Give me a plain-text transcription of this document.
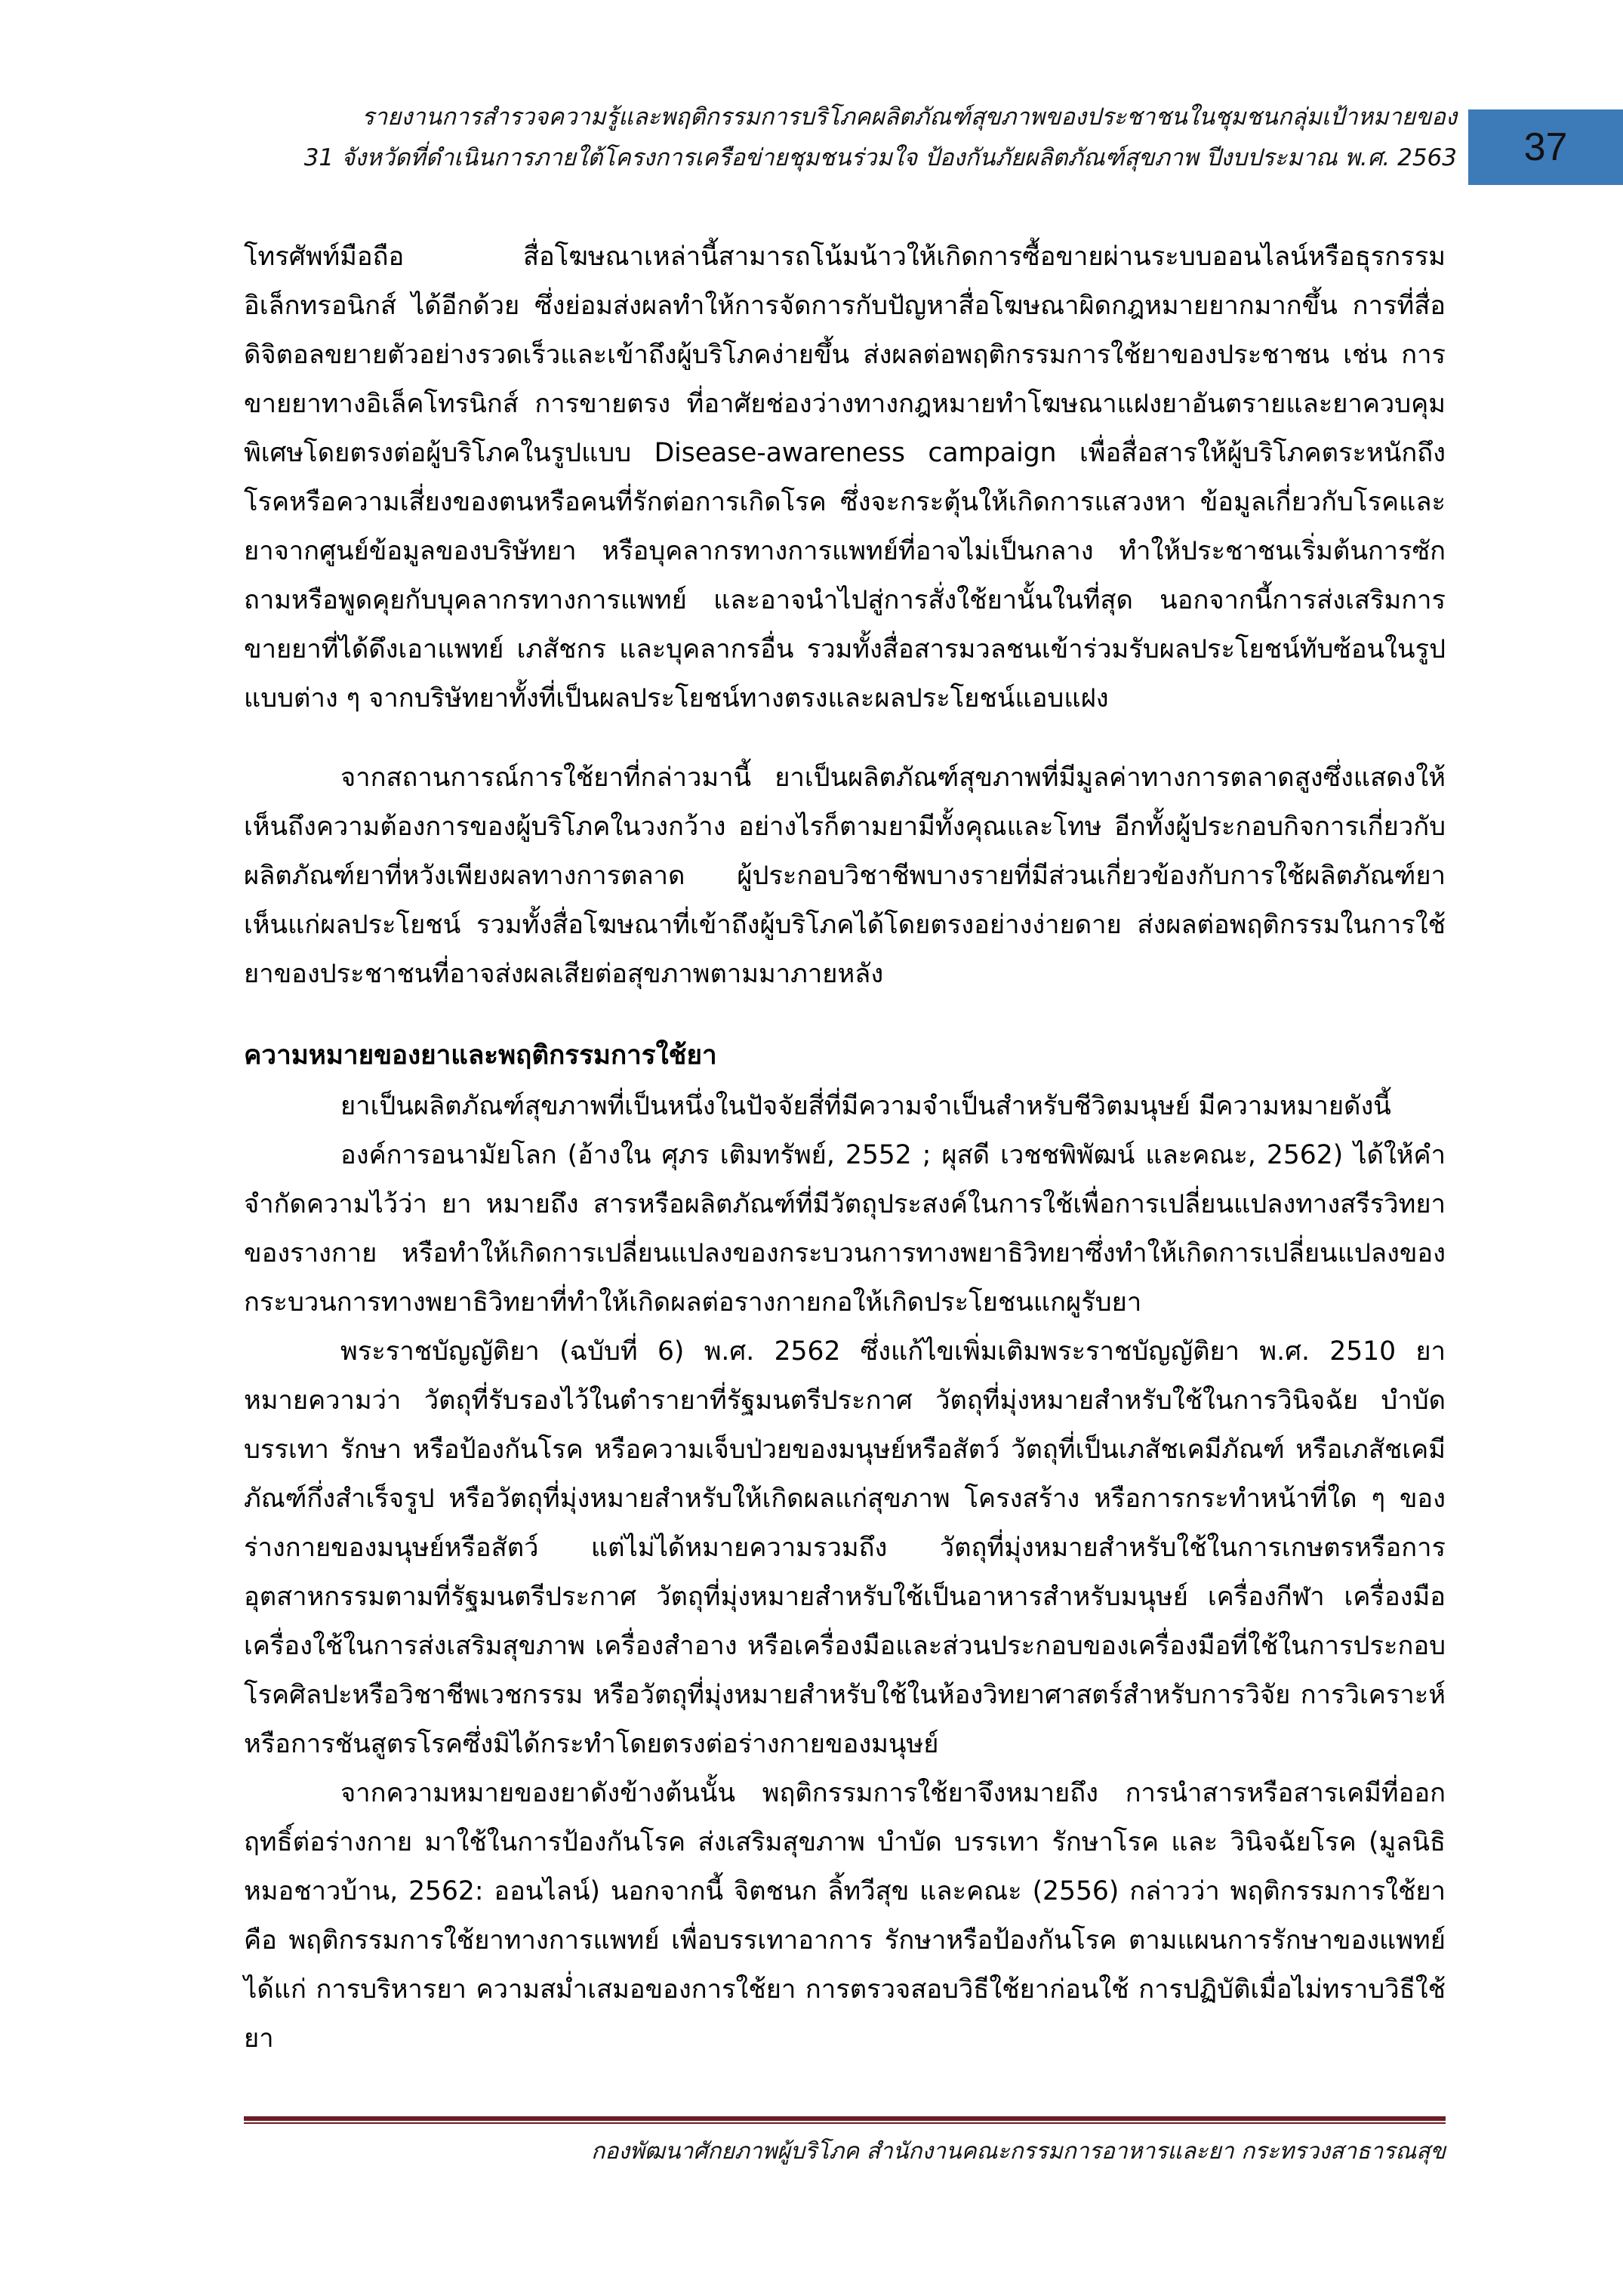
รายงานการสำรวจความรู้และพฤติกรรมการบริโภคผลิตภัณฑ์สุขภาพของประชาชนในชุมชนกลุ่มเป้าหมายของ
31 จังหวัดที่ดำเนินการภายใต้โครงการเครือข่ายชุมชนร่วมใจ ป้องกันภัยผลิตภัณฑ์สุขภาพ ปีงบประมาณ พ.ศ. 2563	37

โทรศัพท์มือถือ สื่อโฆษณาเหล่านี้สามารถโน้มน้าวให้เกิดการซื้อขายผ่านระบบออนไลน์หรือธุรกรรมอิเล็กทรอนิกส์ ได้อีกด้วย ซึ่งย่อมส่งผลทำให้การจัดการกับปัญหาสื่อโฆษณาผิดกฎหมายยากมากขึ้น การที่สื่อดิจิตอลขยายตัวอย่างรวดเร็วและเข้าถึงผู้บริโภคง่ายขึ้น ส่งผลต่อพฤติกรรมการใช้ยาของประชาชน เช่น การขายยาทางอิเล็คโทรนิกส์ การขายตรง ที่อาศัยช่องว่างทางกฎหมายทำโฆษณาแฝงยาอันตรายและยาควบคุมพิเศษโดยตรงต่อผู้บริโภคในรูปแบบ Disease-awareness campaign เพื่อสื่อสารให้ผู้บริโภคตระหนักถึงโรคหรือความเสี่ยงของตนหรือคนที่รักต่อการเกิดโรค ซึ่งจะกระตุ้นให้เกิดการแสวงหา ข้อมูลเกี่ยวกับโรคและยาจากศูนย์ข้อมูลของบริษัทยา หรือบุคลากรทางการแพทย์ที่อาจไม่เป็นกลาง ทำให้ประชาชนเริ่มต้นการซักถามหรือพูดคุยกับบุคลากรทางการแพทย์ และอาจนำไปสู่การสั่งใช้ยานั้นในที่สุด นอกจากนี้การส่งเสริมการขายยาที่ได้ดึงเอาแพทย์ เภสัชกร และบุคลากรอื่น รวมทั้งสื่อสารมวลชนเข้าร่วมรับผลประโยชน์ทับซ้อนในรูปแบบต่าง ๆ จากบริษัทยาทั้งที่เป็นผลประโยชน์ทางตรงและผลประโยชน์แอบแฝง

จากสถานการณ์การใช้ยาที่กล่าวมานี้ ยาเป็นผลิตภัณฑ์สุขภาพที่มีมูลค่าทางการตลาดสูงซึ่งแสดงให้เห็นถึงความต้องการของผู้บริโภคในวงกว้าง อย่างไรก็ตามยามีทั้งคุณและโทษ อีกทั้งผู้ประกอบกิจการเกี่ยวกับผลิตภัณฑ์ยาที่หวังเพียงผลทางการตลาด ผู้ประกอบวิชาชีพบางรายที่มีส่วนเกี่ยวข้องกับการใช้ผลิตภัณฑ์ยาเห็นแก่ผลประโยชน์ รวมทั้งสื่อโฆษณาที่เข้าถึงผู้บริโภคได้โดยตรงอย่างง่ายดาย ส่งผลต่อพฤติกรรมในการใช้ยาของประชาชนที่อาจส่งผลเสียต่อสุขภาพตามมาภายหลัง

ความหมายของยาและพฤติกรรมการใช้ยา

ยาเป็นผลิตภัณฑ์สุขภาพที่เป็นหนึ่งในปัจจัยสี่ที่มีความจำเป็นสำหรับชีวิตมนุษย์ มีความหมายดังนี้

องค์การอนามัยโลก (อ้างใน ศุภร เติมทรัพย์, 2552 ; ผุสดี เวชชพิพัฒน์ และคณะ, 2562) ได้ให้คำจำกัดความไว้ว่า ยา หมายถึง สารหรือผลิตภัณฑ์ที่มีวัตถุประสงค์ในการใช้เพื่อการเปลี่ยนแปลงทางสรีรวิทยาของรางกาย หรือทำให้เกิดการเปลี่ยนแปลงของกระบวนการทางพยาธิวิทยาซึ่งทำให้เกิดการเปลี่ยนแปลงของกระบวนการทางพยาธิวิทยาที่ทำให้เกิดผลต่อรางกายกอให้เกิดประโยชนแกผูรับยา

พระราชบัญญัติยา (ฉบับที่ 6) พ.ศ. 2562 ซึ่งแก้ไขเพิ่มเติมพระราชบัญญัติยา พ.ศ. 2510 ยา หมายความว่า วัตถุที่รับรองไว้ในตำรายาที่รัฐมนตรีประกาศ วัตถุที่มุ่งหมายสำหรับใช้ในการวินิจฉัย บำบัด บรรเทา รักษา หรือป้องกันโรค หรือความเจ็บป่วยของมนุษย์หรือสัตว์ วัตถุที่เป็นเภสัชเคมีภัณฑ์ หรือเภสัชเคมีภัณฑ์กึ่งสำเร็จรูป หรือวัตถุที่มุ่งหมายสำหรับให้เกิดผลแก่สุขภาพ โครงสร้าง หรือการกระทำหน้าที่ใด ๆ ของร่างกายของมนุษย์หรือสัตว์ แต่ไม่ได้หมายความรวมถึง วัตถุที่มุ่งหมายสำหรับใช้ในการเกษตรหรือการอุตสาหกรรมตามที่รัฐมนตรีประกาศ วัตถุที่มุ่งหมายสำหรับใช้เป็นอาหารสำหรับมนุษย์ เครื่องกีฬา เครื่องมือเครื่องใช้ในการส่งเสริมสุขภาพ เครื่องสำอาง หรือเครื่องมือและส่วนประกอบของเครื่องมือที่ใช้ในการประกอบโรคศิลปะหรือวิชาชีพเวชกรรม หรือวัตถุที่มุ่งหมายสำหรับใช้ในห้องวิทยาศาสตร์สำหรับการวิจัย การวิเคราะห์ หรือการชันสูตรโรคซึ่งมิได้กระทำโดยตรงต่อร่างกายของมนุษย์

จากความหมายของยาดังข้างต้นนั้น พฤติกรรมการใช้ยาจึงหมายถึง การนำสารหรือสารเคมีที่ออกฤทธิ์ต่อร่างกาย มาใช้ในการป้องกันโรค ส่งเสริมสุขภาพ บำบัด บรรเทา รักษาโรค และ วินิจฉัยโรค (มูลนิธิหมอชาวบ้าน, 2562: ออนไลน์) นอกจากนี้ จิตชนก ลิ้ทวีสุข และคณะ (2556) กล่าวว่า พฤติกรรมการใช้ยาคือ พฤติกรรมการใช้ยาทางการแพทย์ เพื่อบรรเทาอาการ รักษาหรือป้องกันโรค ตามแผนการรักษาของแพทย์ ได้แก่ การบริหารยา ความสม่ำเสมอของการใช้ยา การตรวจสอบวิธีใช้ยาก่อนใช้ การปฏิบัติเมื่อไม่ทราบวิธีใช้ยา

กองพัฒนาศักยภาพผู้บริโภค สำนักงานคณะกรรมการอาหารและยา กระทรวงสาธารณสุข
